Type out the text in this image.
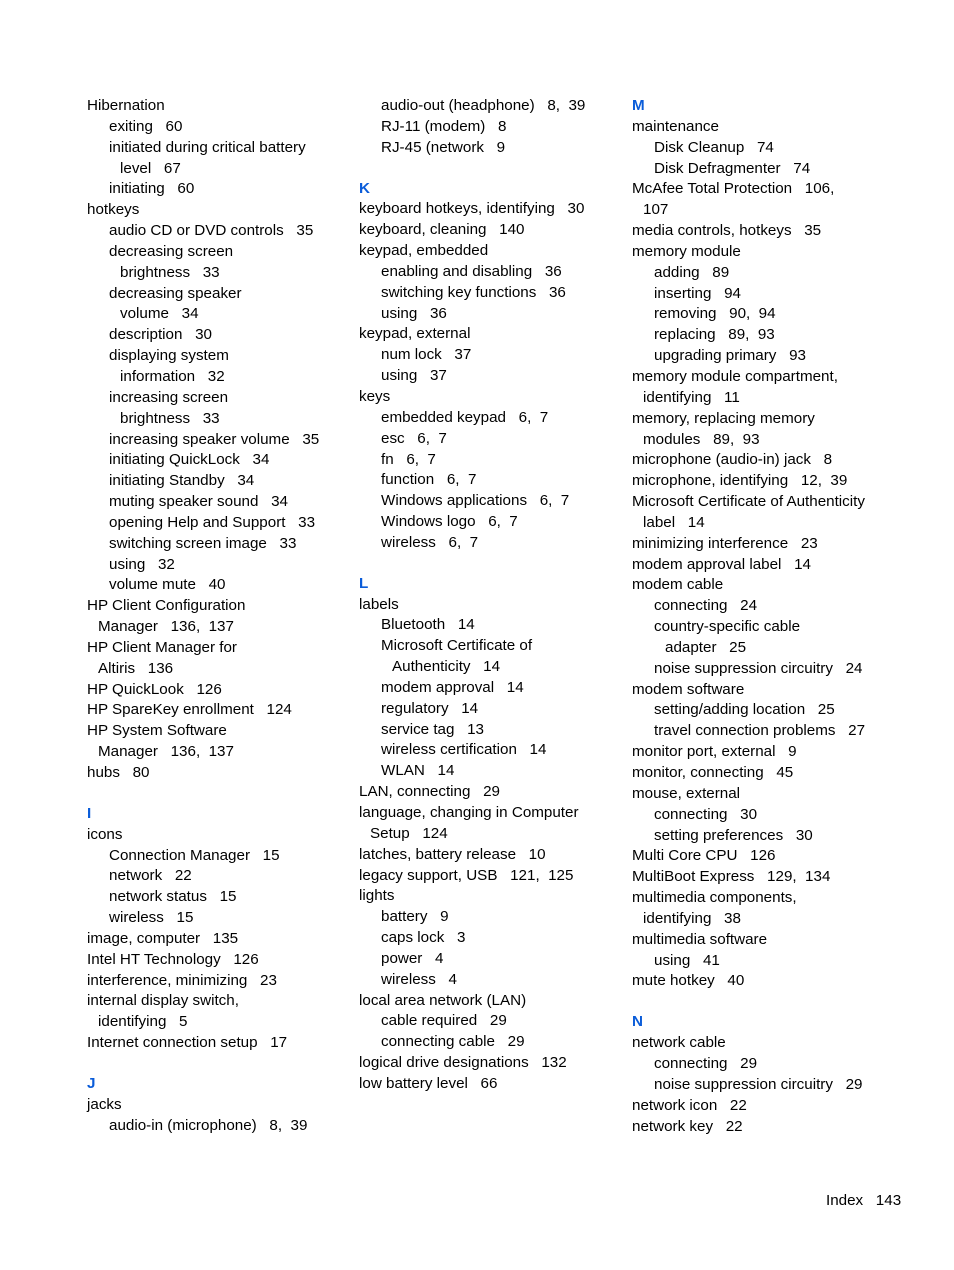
Hibernation
exiting   60
initiated during critical battery
level   67
initiating   60
hotkeys
audio CD or DVD controls   35
decreasing screen
brightness   33
decreasing speaker
volume   34
description   30
displaying system
information   32
increasing screen
brightness   33
increasing speaker volume   35
initiating QuickLock   34
initiating Standby   34
muting speaker sound   34
opening Help and Support   33
switching screen image   33
using   32
volume mute   40
HP Client Configuration
Manager   136,  137
HP Client Manager for
Altiris   136
HP QuickLook   126
HP SpareKey enrollment   124
HP System Software
Manager   136,  137
hubs   80
I
icons
Connection Manager   15
network   22
network status   15
wireless   15
image, computer   135
Intel HT Technology   126
interference, minimizing   23
internal display switch,
identifying   5
Internet connection setup   17
J
jacks
audio-in (microphone)   8,  39
audio-out (headphone)   8,  39
RJ-11 (modem)   8
RJ-45 (network   9
K
keyboard hotkeys, identifying   30
keyboard, cleaning   140
keypad, embedded
enabling and disabling   36
switching key functions   36
using   36
keypad, external
num lock   37
using   37
keys
embedded keypad   6,  7
esc   6,  7
fn   6,  7
function   6,  7
Windows applications   6,  7
Windows logo   6,  7
wireless   6,  7
L
labels
Bluetooth   14
Microsoft Certificate of
Authenticity   14
modem approval   14
regulatory   14
service tag   13
wireless certification   14
WLAN   14
LAN, connecting   29
language, changing in Computer
Setup   124
latches, battery release   10
legacy support, USB   121,  125
lights
battery   9
caps lock   3
power   4
wireless   4
local area network (LAN)
cable required   29
connecting cable   29
logical drive designations   132
low battery level   66
M
maintenance
Disk Cleanup   74
Disk Defragmenter   74
McAfee Total Protection   106,
107
media controls, hotkeys   35
memory module
adding   89
inserting   94
removing   90,  94
replacing   89,  93
upgrading primary   93
memory module compartment,
identifying   11
memory, replacing memory
modules   89,  93
microphone (audio-in) jack   8
microphone, identifying   12,  39
Microsoft Certificate of Authenticity
label   14
minimizing interference   23
modem approval label   14
modem cable
connecting   24
country-specific cable
adapter   25
noise suppression circuitry   24
modem software
setting/adding location   25
travel connection problems   27
monitor port, external   9
monitor, connecting   45
mouse, external
connecting   30
setting preferences   30
Multi Core CPU   126
MultiBoot Express   129,  134
multimedia components,
identifying   38
multimedia software
using   41
mute hotkey   40
N
network cable
connecting   29
noise suppression circuitry   29
network icon   22
network key   22
Index   143
